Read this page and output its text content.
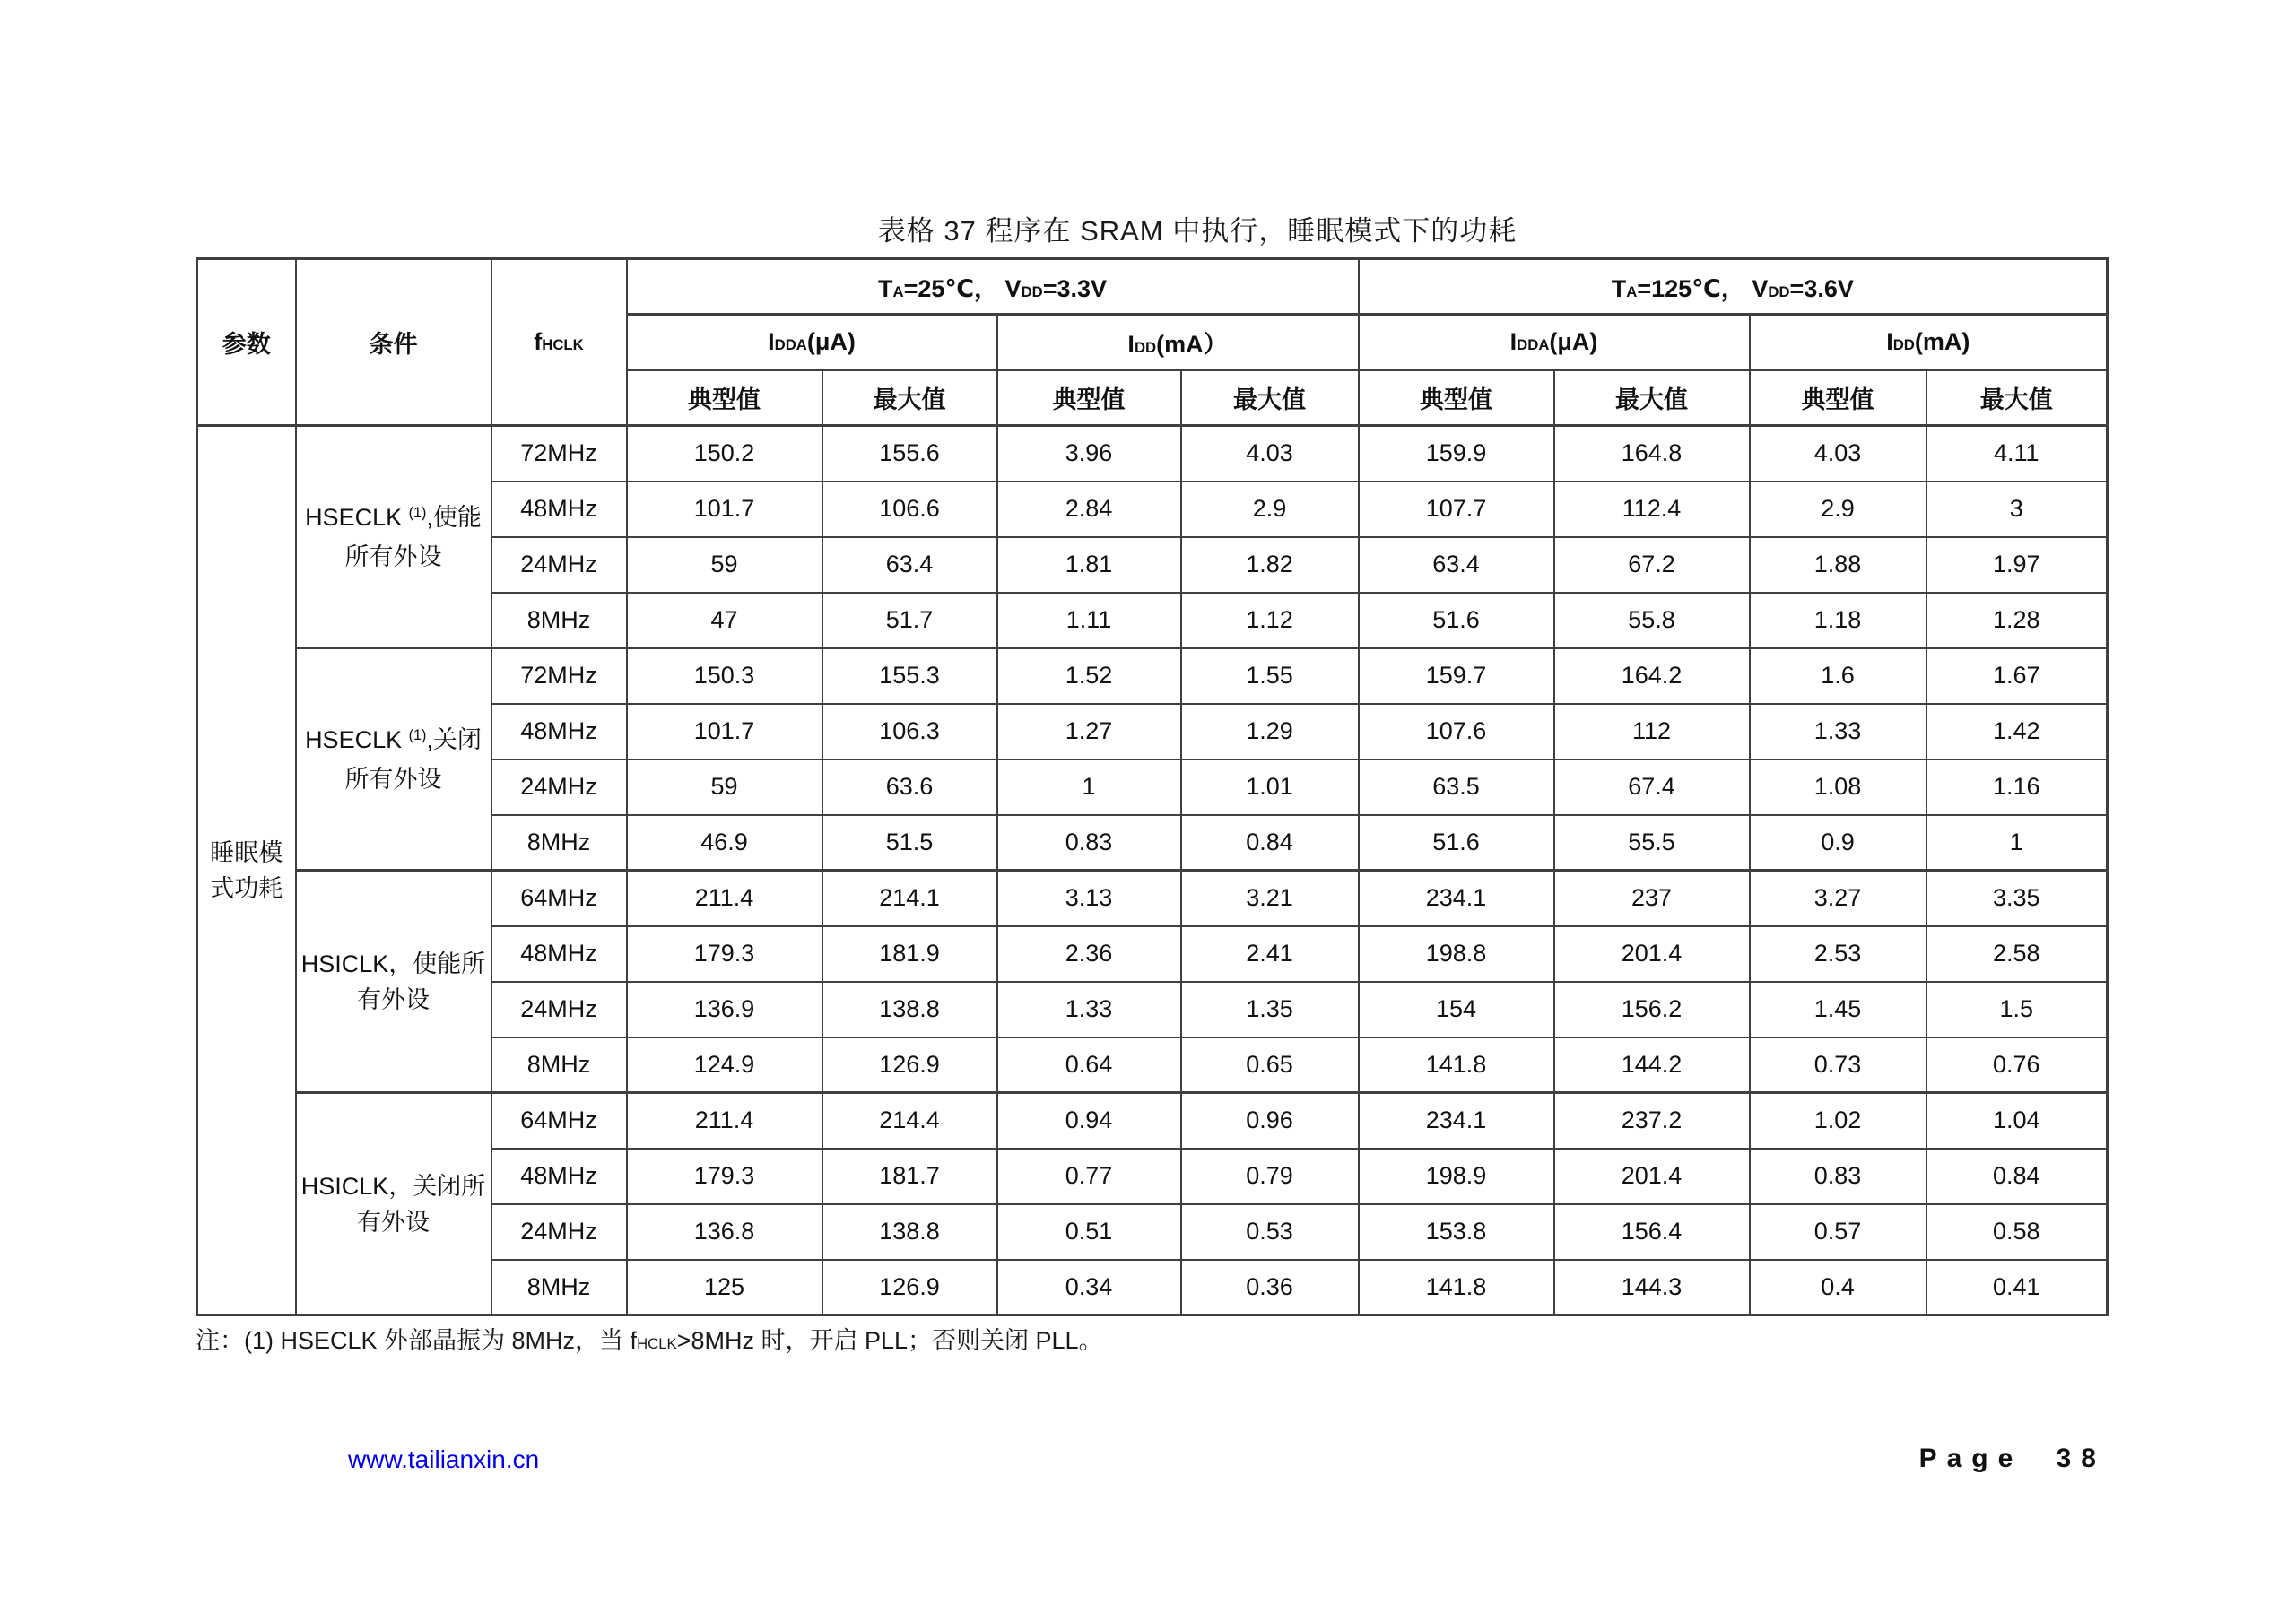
表格 37 程序在 SRAM 中执行，睡眠模式下的功耗
参数	条件	fHCLK	TA=25℃， VDD=3.3V				TA=125℃， VDD=3.6V			
			IDDA(μA)		IDD(mA）		IDDA(μA)		IDD(mA)	
			典型值	最大值	典型值	最大值	典型值	最大值	典型值	最大值
睡眠模式功耗	HSECLK $^{(1)}$,使能所有外设	72MHz	150.2	155.6	3.96	4.03	159.9	164.8	4.03	4.11
		48MHz	101.7	106.6	2.84	2.9	107.7	112.4	2.9	3
		24MHz	59	63.4	1.81	1.82	63.4	67.2	1.88	1.97
		8MHz	47	51.7	1.11	1.12	51.6	55.8	1.18	1.28
	HSECLK $^{(1)}$,关闭所有外设	72MHz	150.3	155.3	1.52	1.55	159.7	164.2	1.6	1.67
		48MHz	101.7	106.3	1.27	1.29	107.6	112	1.33	1.42
		24MHz	59	63.6	1	1.01	63.5	67.4	1.08	1.16
		8MHz	46.9	51.5	0.83	0.84	51.6	55.5	0.9	1
	HSICLK，使能所有外设	64MHz	211.4	214.1	3.13	3.21	234.1	237	3.27	3.35
		48MHz	179.3	181.9	2.36	2.41	198.8	201.4	2.53	2.58
		24MHz	136.9	138.8	1.33	1.35	154	156.2	1.45	1.5
		8MHz	124.9	126.9	0.64	0.65	141.8	144.2	0.73	0.76
	HSICLK，关闭所有外设	64MHz	211.4	214.4	0.94	0.96	234.1	237.2	1.02	1.04
		48MHz	179.3	181.7	0.77	0.79	198.9	201.4	0.83	0.84
		24MHz	136.8	138.8	0.51	0.53	153.8	156.4	0.57	0.58
		8MHz	125	126.9	0.34	0.36	141.8	144.3	0.4	0.41
注：(1) HSECLK 外部晶振为 8MHz，当 fHCLK>8MHz 时，开启 PLL；否则关闭 PLL。
www.tailianxin.cn	Page 38
